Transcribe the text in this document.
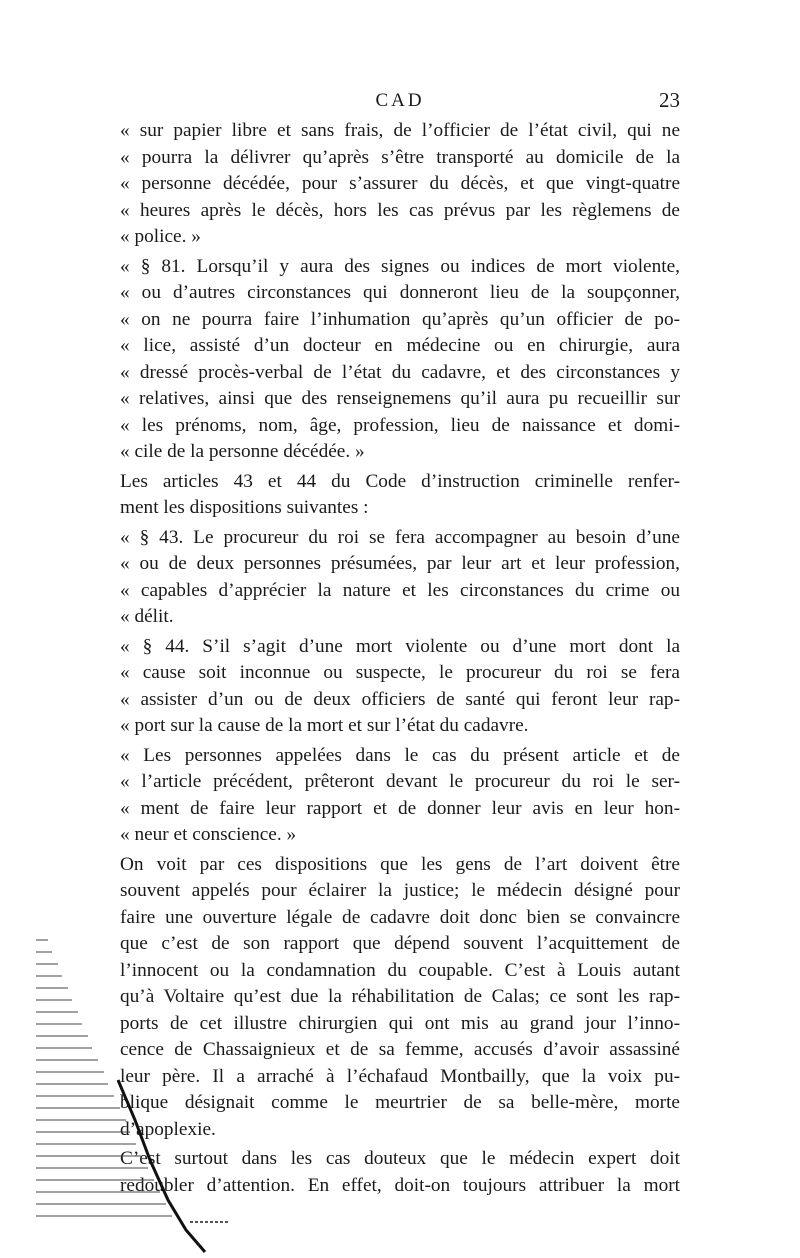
CAD	23
« sur papier libre et sans frais, de l’officier de l’état civil, qui ne
« pourra la délivrer qu’après s’être transporté au domicile de la
« personne décédée, pour s’assurer du décès, et que vingt-quatre
« heures après le décès, hors les cas prévus par les règlemens de
« police. »
« § 81. Lorsqu’il y aura des signes ou indices de mort violente,
« ou d’autres circonstances qui donneront lieu de la soupçonner,
« on ne pourra faire l’inhumation qu’après qu’un officier de po-
« lice, assisté d’un docteur en médecine ou en chirurgie, aura
« dressé procès-verbal de l’état du cadavre, et des circonstances y
« relatives, ainsi que des renseignemens qu’il aura pu recueillir sur
« les prénoms, nom, âge, profession, lieu de naissance et domi-
« cile de la personne décédée. »
Les articles 43 et 44 du Code d’instruction criminelle renfer-
ment les dispositions suivantes :
« § 43. Le procureur du roi se fera accompagner au besoin d’une
« ou de deux personnes présumées, par leur art et leur profession,
« capables d’apprécier la nature et les circonstances du crime ou
« délit.
« § 44. S’il s’agit d’une mort violente ou d’une mort dont la
« cause soit inconnue ou suspecte, le procureur du roi se fera
« assister d’un ou de deux officiers de santé qui feront leur rap-
« port sur la cause de la mort et sur l’état du cadavre.
« Les personnes appelées dans le cas du présent article et de
« l’article précédent, prêteront devant le procureur du roi le ser-
« ment de faire leur rapport et de donner leur avis en leur hon-
« neur et conscience. »
On voit par ces dispositions que les gens de l’art doivent être
souvent appelés pour éclairer la justice; le médecin désigné pour
faire une ouverture légale de cadavre doit donc bien se convaincre
que c’est de son rapport que dépend souvent l’acquittement de
l’innocent ou la condamnation du coupable. C’est à Louis autant
qu’à Voltaire qu’est due la réhabilitation de Calas; ce sont les rap-
ports de cet illustre chirurgien qui ont mis au grand jour l’inno-
cence de Chassaignieux et de sa femme, accusés d’avoir assassiné
leur père. Il a arraché à l’échafaud Montbailly, que la voix pu-
blique désignait comme le meurtrier de sa belle-mère, morte
d’apoplexie.
C’est surtout dans les cas douteux que le médecin expert doit
redoubler d’attention. En effet, doit-on toujours attribuer la mort
